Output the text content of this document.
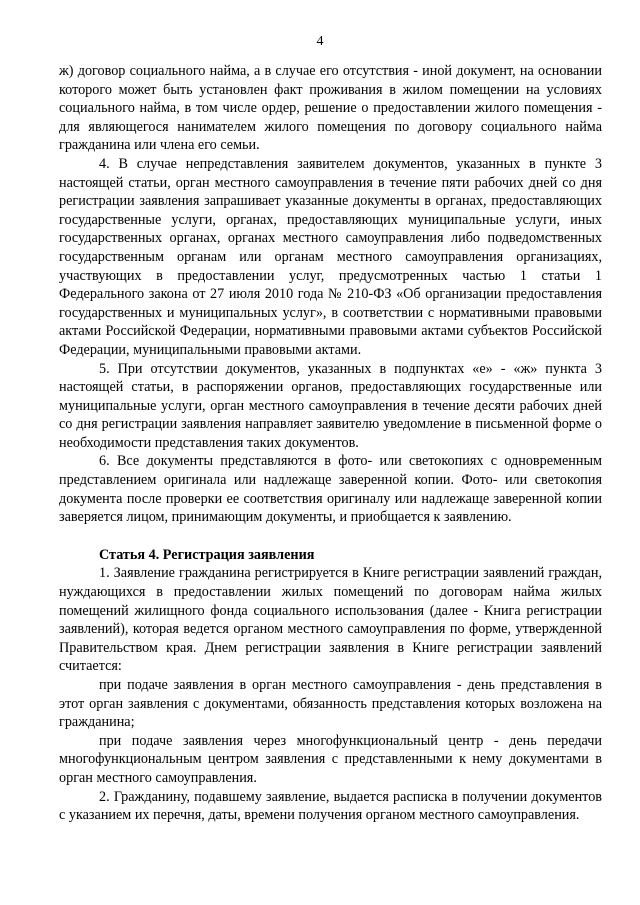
4

ж) договор социального найма, а в случае его отсутствия - иной документ, на основании которого может быть установлен факт проживания в жилом помещении на условиях социального найма, в том числе ордер, решение о предоставлении жилого помещения - для являющегося нанимателем жилого помещения по договору социального найма гражданина или члена его семьи.

4. В случае непредставления заявителем документов, указанных в пункте 3 настоящей статьи, орган местного самоуправления в течение пяти рабочих дней со дня регистрации заявления запрашивает указанные документы в органах, предоставляющих государственные услуги, органах, предоставляющих муниципальные услуги, иных государственных органах, органах местного самоуправления либо подведомственных государственным органам или органам местного самоуправления организациях, участвующих в предоставлении услуг, предусмотренных частью 1 статьи 1 Федерального закона от 27 июля 2010 года № 210-ФЗ «Об организации предоставления государственных и муниципальных услуг», в соответствии с нормативными правовыми актами Российской Федерации, нормативными правовыми актами субъектов Российской Федерации, муниципальными правовыми актами.

5. При отсутствии документов, указанных в подпунктах «е» - «ж» пункта 3 настоящей статьи, в распоряжении органов, предоставляющих государственные или муниципальные услуги, орган местного самоуправления в течение десяти рабочих дней со дня регистрации заявления направляет заявителю уведомление в письменной форме о необходимости представления таких документов.

6. Все документы представляются в фото- или светокопиях с одновременным представлением оригинала или надлежаще заверенной копии. Фото- или светокопия документа после проверки ее соответствия оригиналу или надлежаще заверенной копии заверяется лицом, принимающим документы, и приобщается к заявлению.

Статья 4. Регистрация заявления

1. Заявление гражданина регистрируется в Книге регистрации заявлений граждан, нуждающихся в предоставлении жилых помещений по договорам найма жилых помещений жилищного фонда социального использования (далее - Книга регистрации заявлений), которая ведется органом местного самоуправления по форме, утвержденной Правительством края. Днем регистрации заявления в Книге регистрации заявлений считается:

при подаче заявления в орган местного самоуправления - день представления в этот орган заявления с документами, обязанность представления которых возложена на гражданина;

при подаче заявления через многофункциональный центр - день передачи многофункциональным центром заявления с представленными к нему документами в орган местного самоуправления.

2. Гражданину, подавшему заявление, выдается расписка в получении документов с указанием их перечня, даты, времени получения органом местного самоуправления.
